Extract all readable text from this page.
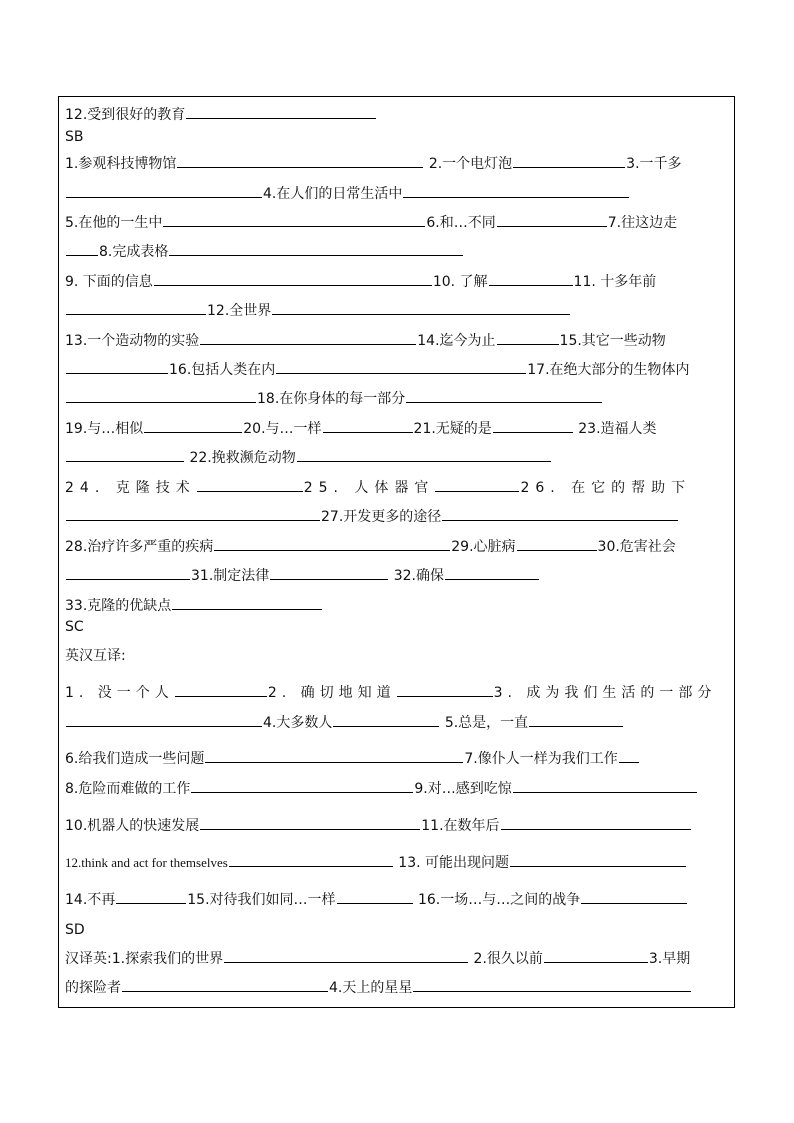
12.受到很好的教育
SB
1.参观科技博物馆	2.一个电灯泡	3.一千多
4.在人们的日常生活中
5.在他的一生中	6.和…不同	7.往这边走
8.完成表格
9. 下面的信息	10. 了解	11. 十多年前
12.全世界
13.一个造动物的实验	14.迄今为止	15.其它一些动物
16.包括人类在内	17.在绝大部分的生物体内
18.在你身体的每一部分
19.与…相似	20.与…一样	21.无疑的是	23.造福人类
22.挽救濒危动物
24. 克隆技术	25. 人体器官	26. 在它的帮助下
27.开发更多的途径
28.治疗许多严重的疾病	29.心脏病	30.危害社会
31.制定法律	32.确保
33.克隆的优缺点
SC
英汉互译:
1. 没一个人	2. 确切地知道	3. 成为我们生活的一部分
4.大多数人	5.总是，一直
6.给我们造成一些问题	7.像仆人一样为我们工作
8.危险而难做的工作	9.对…感到吃惊
10.机器人的快速发展	11.在数年后
12.think and act for themselves	13. 可能出现问题
14.不再	15.对待我们如同…一样	16.一场…与…之间的战争
SD
汉译英:1.探索我们的世界	2.很久以前	3.早期
的探险者	4.天上的星星
